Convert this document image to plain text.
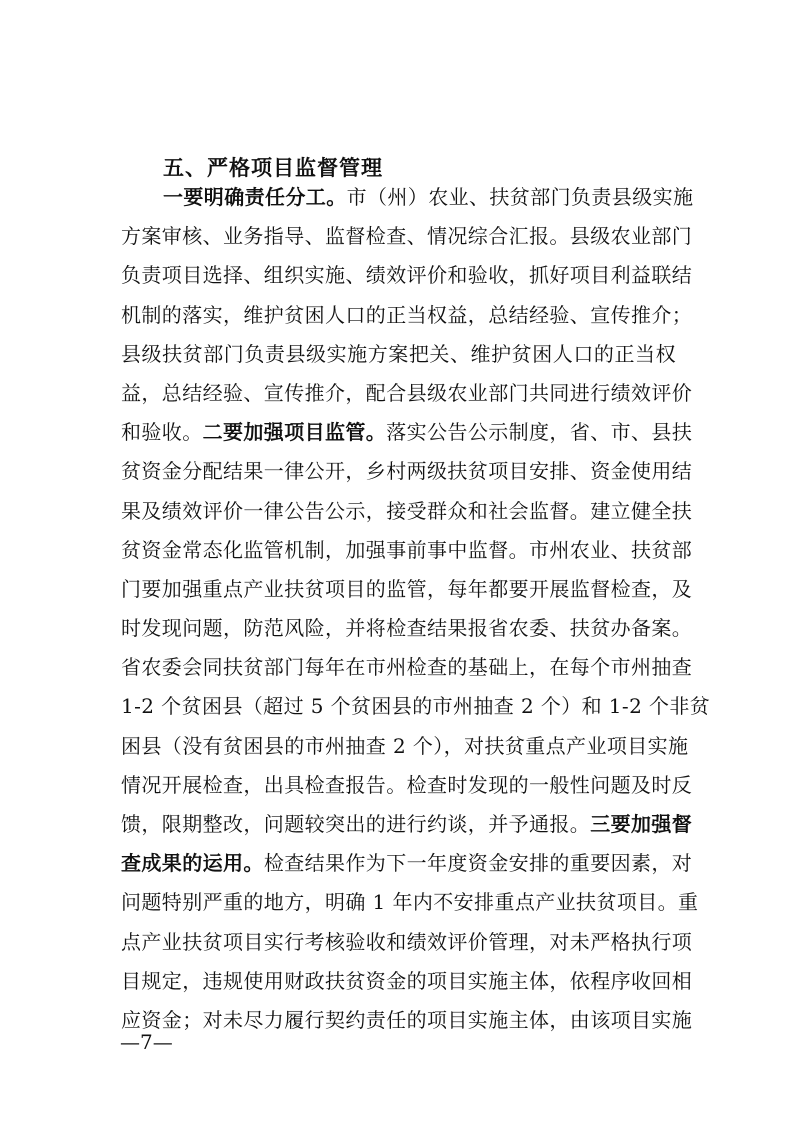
五、严格项目监督管理
一要明确责任分工。市（州）农业、扶贫部门负责县级实施
方案审核、业务指导、监督检查、情况综合汇报。县级农业部门
负责项目选择、组织实施、绩效评价和验收，抓好项目利益联结
机制的落实，维护贫困人口的正当权益，总结经验、宣传推介；
县级扶贫部门负责县级实施方案把关、维护贫困人口的正当权
益，总结经验、宣传推介，配合县级农业部门共同进行绩效评价
和验收。二要加强项目监管。落实公告公示制度，省、市、县扶
贫资金分配结果一律公开，乡村两级扶贫项目安排、资金使用结
果及绩效评价一律公告公示，接受群众和社会监督。建立健全扶
贫资金常态化监管机制，加强事前事中监督。市州农业、扶贫部
门要加强重点产业扶贫项目的监管，每年都要开展监督检查，及
时发现问题，防范风险，并将检查结果报省农委、扶贫办备案。
省农委会同扶贫部门每年在市州检查的基础上，在每个市州抽查
1-2 个贫困县（超过 5 个贫困县的市州抽查 2 个）和 1-2 个非贫
困县（没有贫困县的市州抽查 2 个），对扶贫重点产业项目实施
情况开展检查，出具检查报告。检查时发现的一般性问题及时反
馈，限期整改，问题较突出的进行约谈，并予通报。三要加强督
查成果的运用。检查结果作为下一年度资金安排的重要因素，对
问题特别严重的地方，明确 1 年内不安排重点产业扶贫项目。重
点产业扶贫项目实行考核验收和绩效评价管理，对未严格执行项
目规定，违规使用财政扶贫资金的项目实施主体，依程序收回相
应资金；对未尽力履行契约责任的项目实施主体，由该项目实施
—7—
